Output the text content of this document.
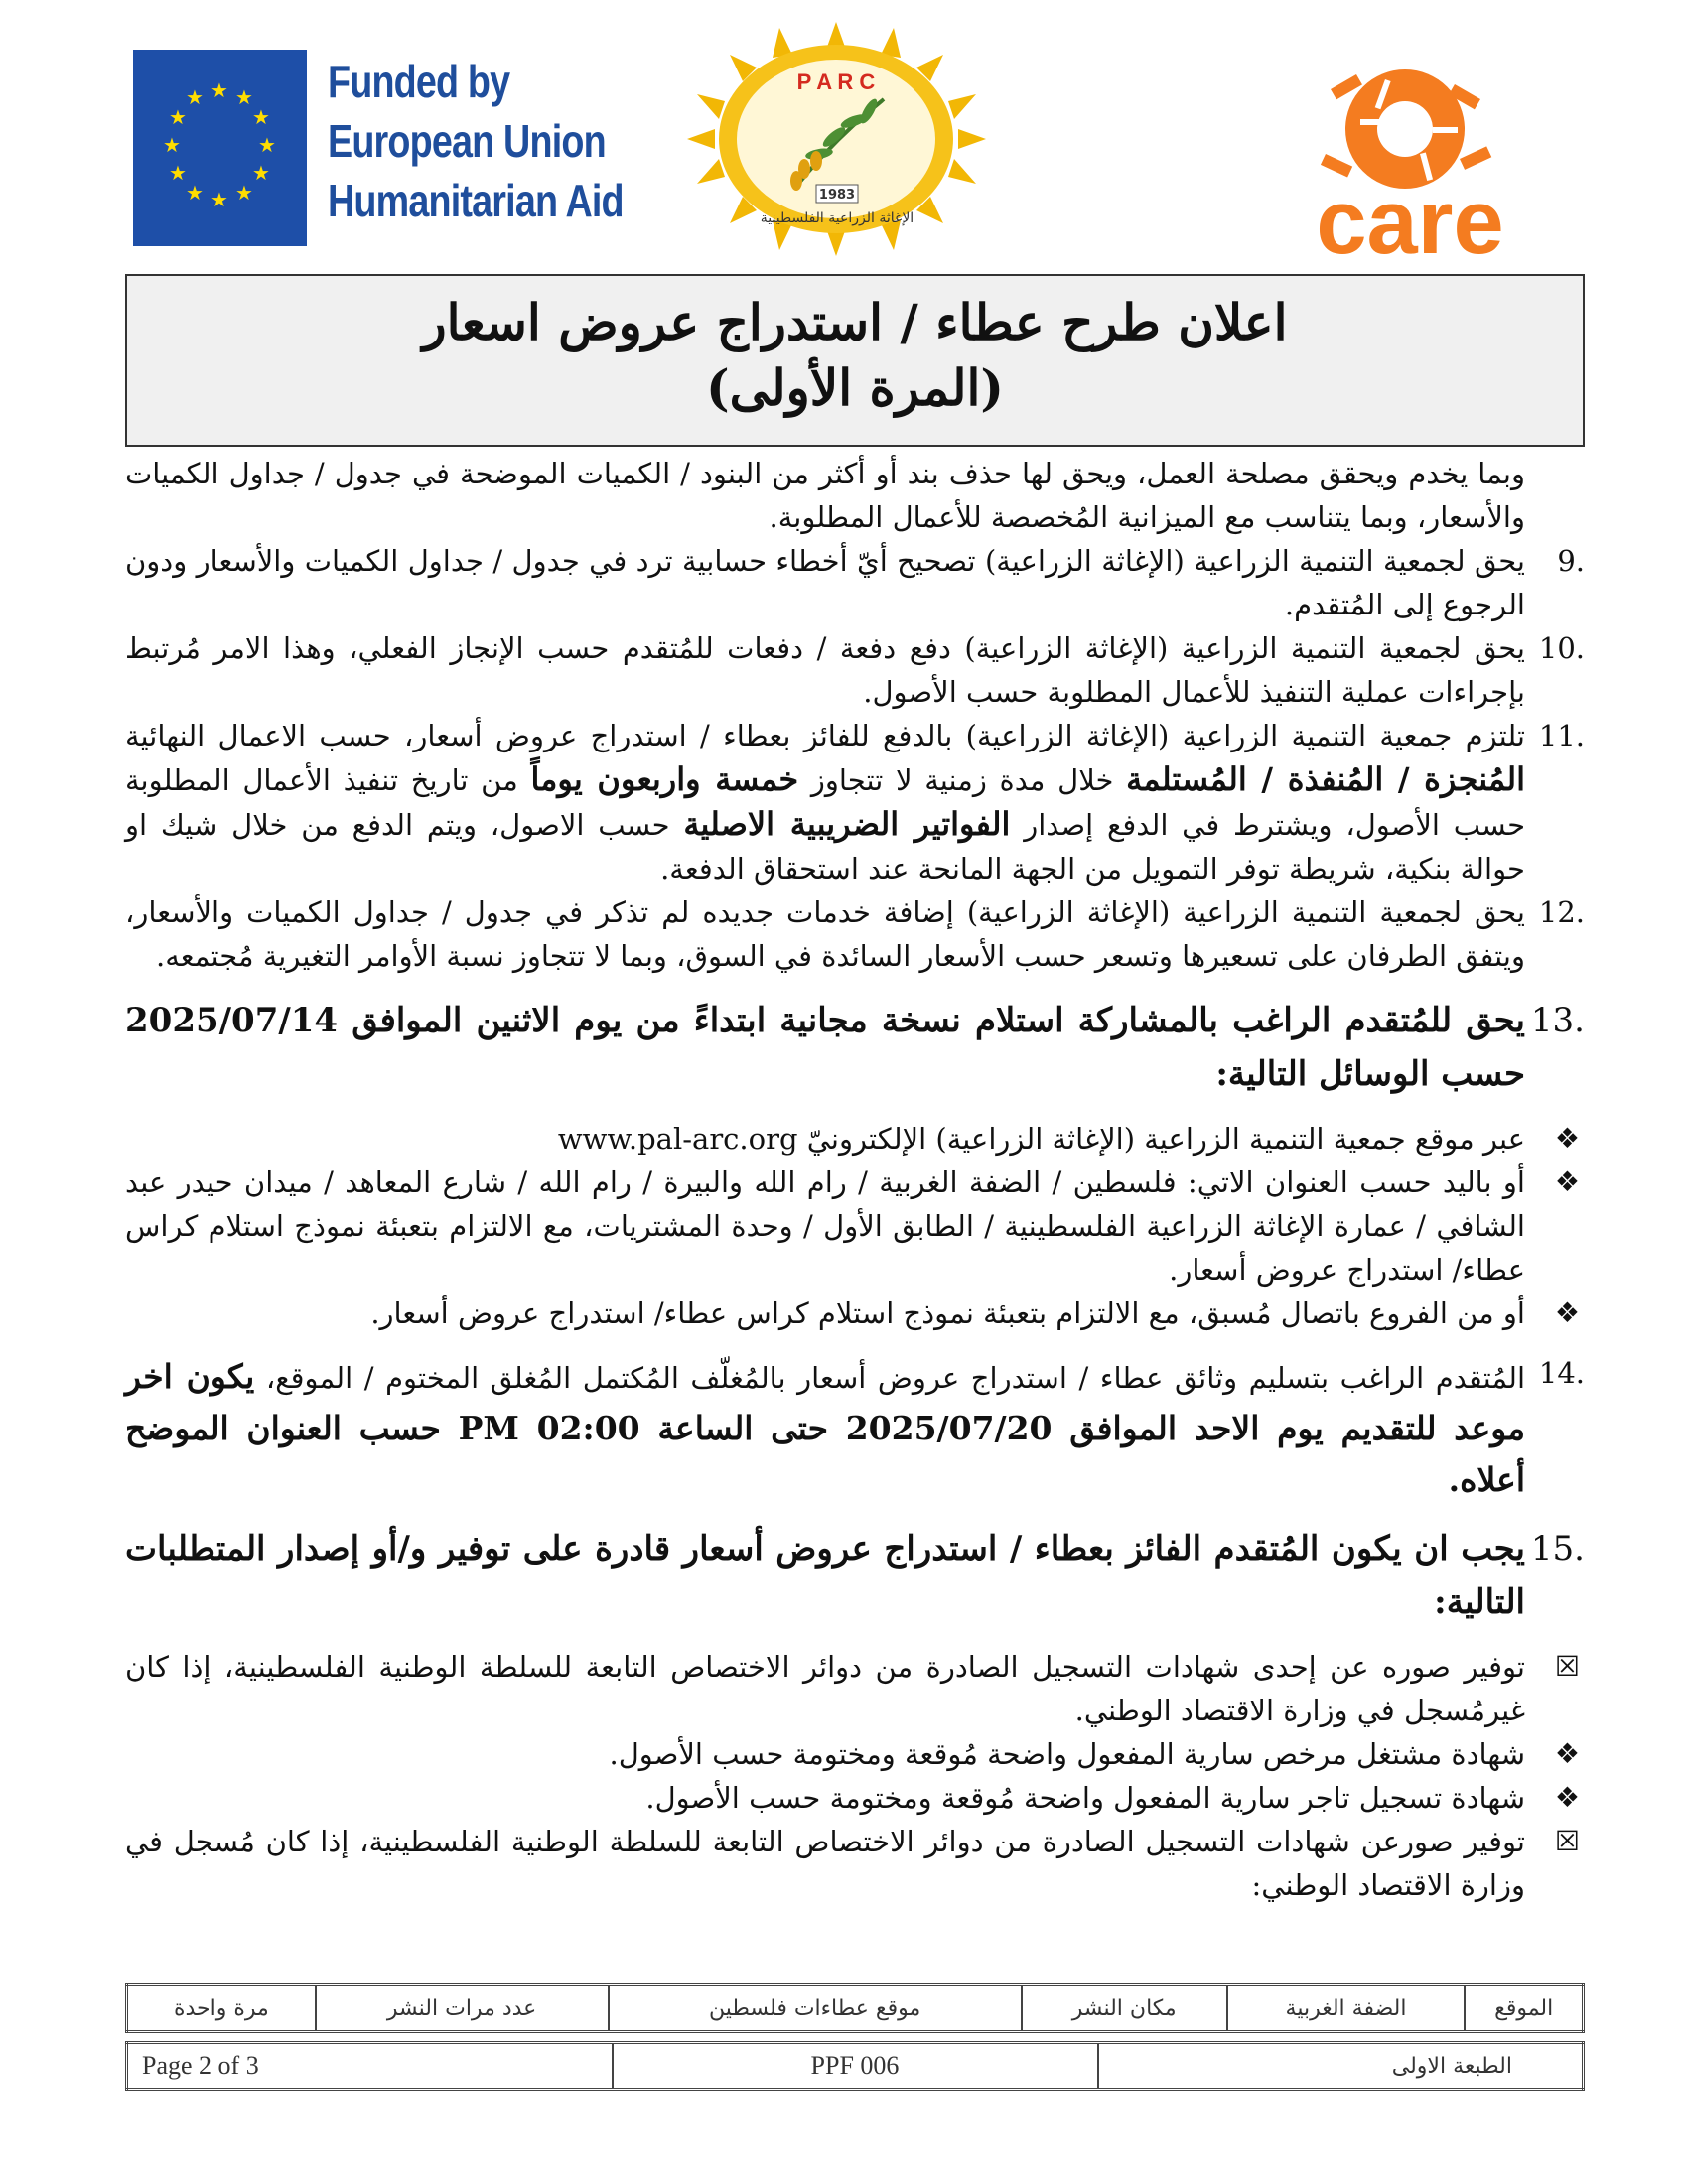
★ ★
★
★
★
★
★
★
★
★
★
★	Funded by
European Union
Humanitarian Aid
P A R C
1983
الإغاثة الزراعية الفلسطينية	care
اعلان طرح عطاء / استدراج عروض اسعار
(المرة الأولى)

وبما يخدم ويحقق مصلحة العمل، ويحق لها حذف بند أو أكثر من البنود / الكميات الموضحة في جدول / جداول الكميات والأسعار، وبما يتناسب مع الميزانية المُخصصة للأعمال المطلوبة.

9.
يحق لجمعية التنمية الزراعية (الإغاثة الزراعية) تصحيح أيّ أخطاء حسابية ترد في جدول / جداول الكميات والأسعار ودون الرجوع إلى المُتقدم.

10.
يحق لجمعية التنمية الزراعية (الإغاثة الزراعية) دفع دفعة / دفعات للمُتقدم حسب الإنجاز الفعلي، وهذا الامر مُرتبط بإجراءات عملية التنفيذ للأعمال المطلوبة حسب الأصول.

11.
تلتزم جمعية التنمية الزراعية (الإغاثة الزراعية) بالدفع للفائز بعطاء / استدراج عروض أسعار، حسب الاعمال النهائية المُنجزة / المُنفذة / المُستلمة خلال مدة زمنية لا تتجاوز خمسة واربعون يوماً من تاريخ تنفيذ الأعمال المطلوبة حسب الأصول، ويشترط في الدفع إصدار الفواتير الضريبية الاصلية حسب الاصول، ويتم الدفع من خلال شيك او حوالة بنكية، شريطة توفر التمويل من الجهة المانحة عند استحقاق الدفعة.

12.
يحق لجمعية التنمية الزراعية (الإغاثة الزراعية) إضافة خدمات جديده لم تذكر في جدول / جداول الكميات والأسعار، ويتفق الطرفان على تسعيرها وتسعر حسب الأسعار السائدة في السوق، وبما لا تتجاوز نسبة الأوامر التغيرية مُجتمعه.

13.
يحق للمُتقدم الراغب بالمشاركة استلام نسخة مجانية ابتداءً من يوم الاثنين الموافق 2025/07/14 حسب الوسائل التالية:

❖
عبر موقع جمعية التنمية الزراعية (الإغاثة الزراعية) الإلكترونيّ www.pal-arc.org

❖
أو باليد حسب العنوان الاتي: فلسطين / الضفة الغربية / رام الله والبيرة / رام الله / شارع المعاهد / ميدان حيدر عبد الشافي / عمارة الإغاثة الزراعية الفلسطينية / الطابق الأول / وحدة المشتريات، مع الالتزام بتعبئة نموذج استلام كراس عطاء/ استدراج عروض أسعار.

❖
أو من الفروع باتصال مُسبق، مع الالتزام بتعبئة نموذج استلام كراس عطاء/ استدراج عروض أسعار.

14.
المُتقدم الراغب بتسليم وثائق عطاء / استدراج عروض أسعار بالمُغلّف المُكتمل المُغلق المختوم / الموقع، يكون اخر موعد للتقديم يوم الاحد الموافق 2025/07/20 حتى الساعة 02:00 PM حسب العنوان الموضح أعلاه.

15.
يجب ان يكون المُتقدم الفائز بعطاء / استدراج عروض أسعار قادرة على توفير و/أو إصدار المتطلبات التالية:

☒
توفير صوره عن إحدى شهادات التسجيل الصادرة من دوائر الاختصاص التابعة للسلطة الوطنية الفلسطينية، إذا كان غيرمُسجل في وزارة الاقتصاد الوطني.

❖
شهادة مشتغل مرخص سارية المفعول واضحة مُوقعة ومختومة حسب الأصول.

❖
شهادة تسجيل تاجر سارية المفعول واضحة مُوقعة ومختومة حسب الأصول.

☒
توفير صورعن شهادات التسجيل الصادرة من دوائر الاختصاص التابعة للسلطة الوطنية الفلسطينية، إذا كان مُسجل في وزارة الاقتصاد الوطني:

الموقع	الضفة الغربية	مكان النشر	موقع عطاءات فلسطين	عدد مرات النشر	مرة واحدة
الطبعة الاولى	PPF 006	Page 2 of 3
